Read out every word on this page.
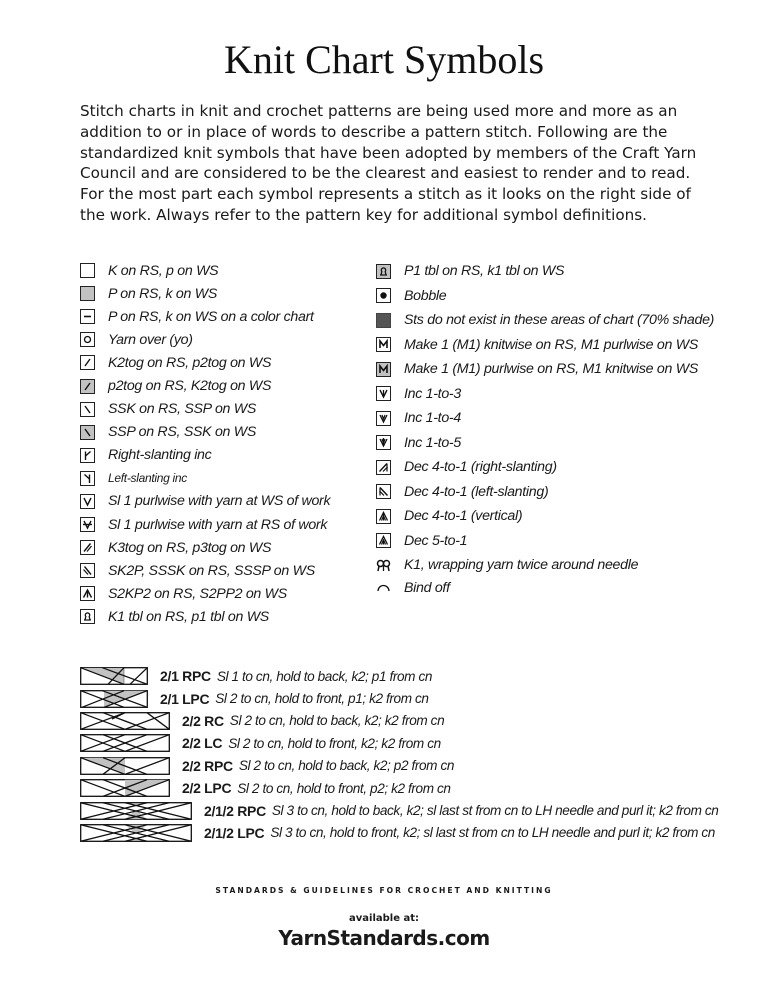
Knit Chart Symbols
Stitch charts in knit and crochet patterns are being used more and more as an addition to or in place of words to describe a pattern stitch. Following are the standardized knit symbols that have been adopted by members of the Craft Yarn Council and are considered to be the clearest and easiest to render and to read. For the most part each symbol represents a stitch as it looks on the right side of the work. Always refer to the pattern key for additional symbol definitions.
K on RS, p on WS
P on RS, k on WS
P on RS, k on WS on a color chart
Yarn over (yo)
K2tog on RS, p2tog on WS
p2tog on RS, K2tog on WS
SSK on RS, SSP on WS
SSP on RS, SSK on WS
Right-slanting inc
Left-slanting inc
Sl 1 purlwise with yarn at WS of work
Sl 1 purlwise with yarn at RS of work
K3tog on RS, p3tog on WS
SK2P, SSSK on RS, SSSP on WS
S2KP2 on RS, S2PP2 on WS
K1 tbl on RS, p1 tbl on WS
P1 tbl on RS, k1 tbl on WS
Bobble
Sts do not exist in these areas of chart (70% shade)
Make 1 (M1) knitwise on RS, M1 purlwise on WS
Make 1 (M1) purlwise on RS, M1 knitwise on WS
Inc 1-to-3
Inc 1-to-4
Inc 1-to-5
Dec 4-to-1 (right-slanting)
Dec 4-to-1 (left-slanting)
Dec 4-to-1 (vertical)
Dec 5-to-1
K1, wrapping yarn twice around needle
Bind off
2/1 RPC Sl 1 to cn, hold to back, k2; p1 from cn
2/1 LPC Sl 2 to cn, hold to front, p1; k2 from cn
2/2 RC Sl 2 to cn, hold to back, k2; k2 from cn
2/2 LC Sl 2 to cn, hold to front, k2; k2 from cn
2/2 RPC Sl 2 to cn, hold to back, k2; p2 from cn
2/2 LPC Sl 2 to cn, hold to front, p2; k2 from cn
2/1/2 RPC Sl 3 to cn, hold to back, k2; sl last st from cn to LH needle and purl it; k2 from cn
2/1/2 LPC Sl 3 to cn, hold to front, k2; sl last st from cn to LH needle and purl it; k2 from cn
STANDARDS & GUIDELINES FOR CROCHET AND KNITTING
available at:
YarnStandards.com
